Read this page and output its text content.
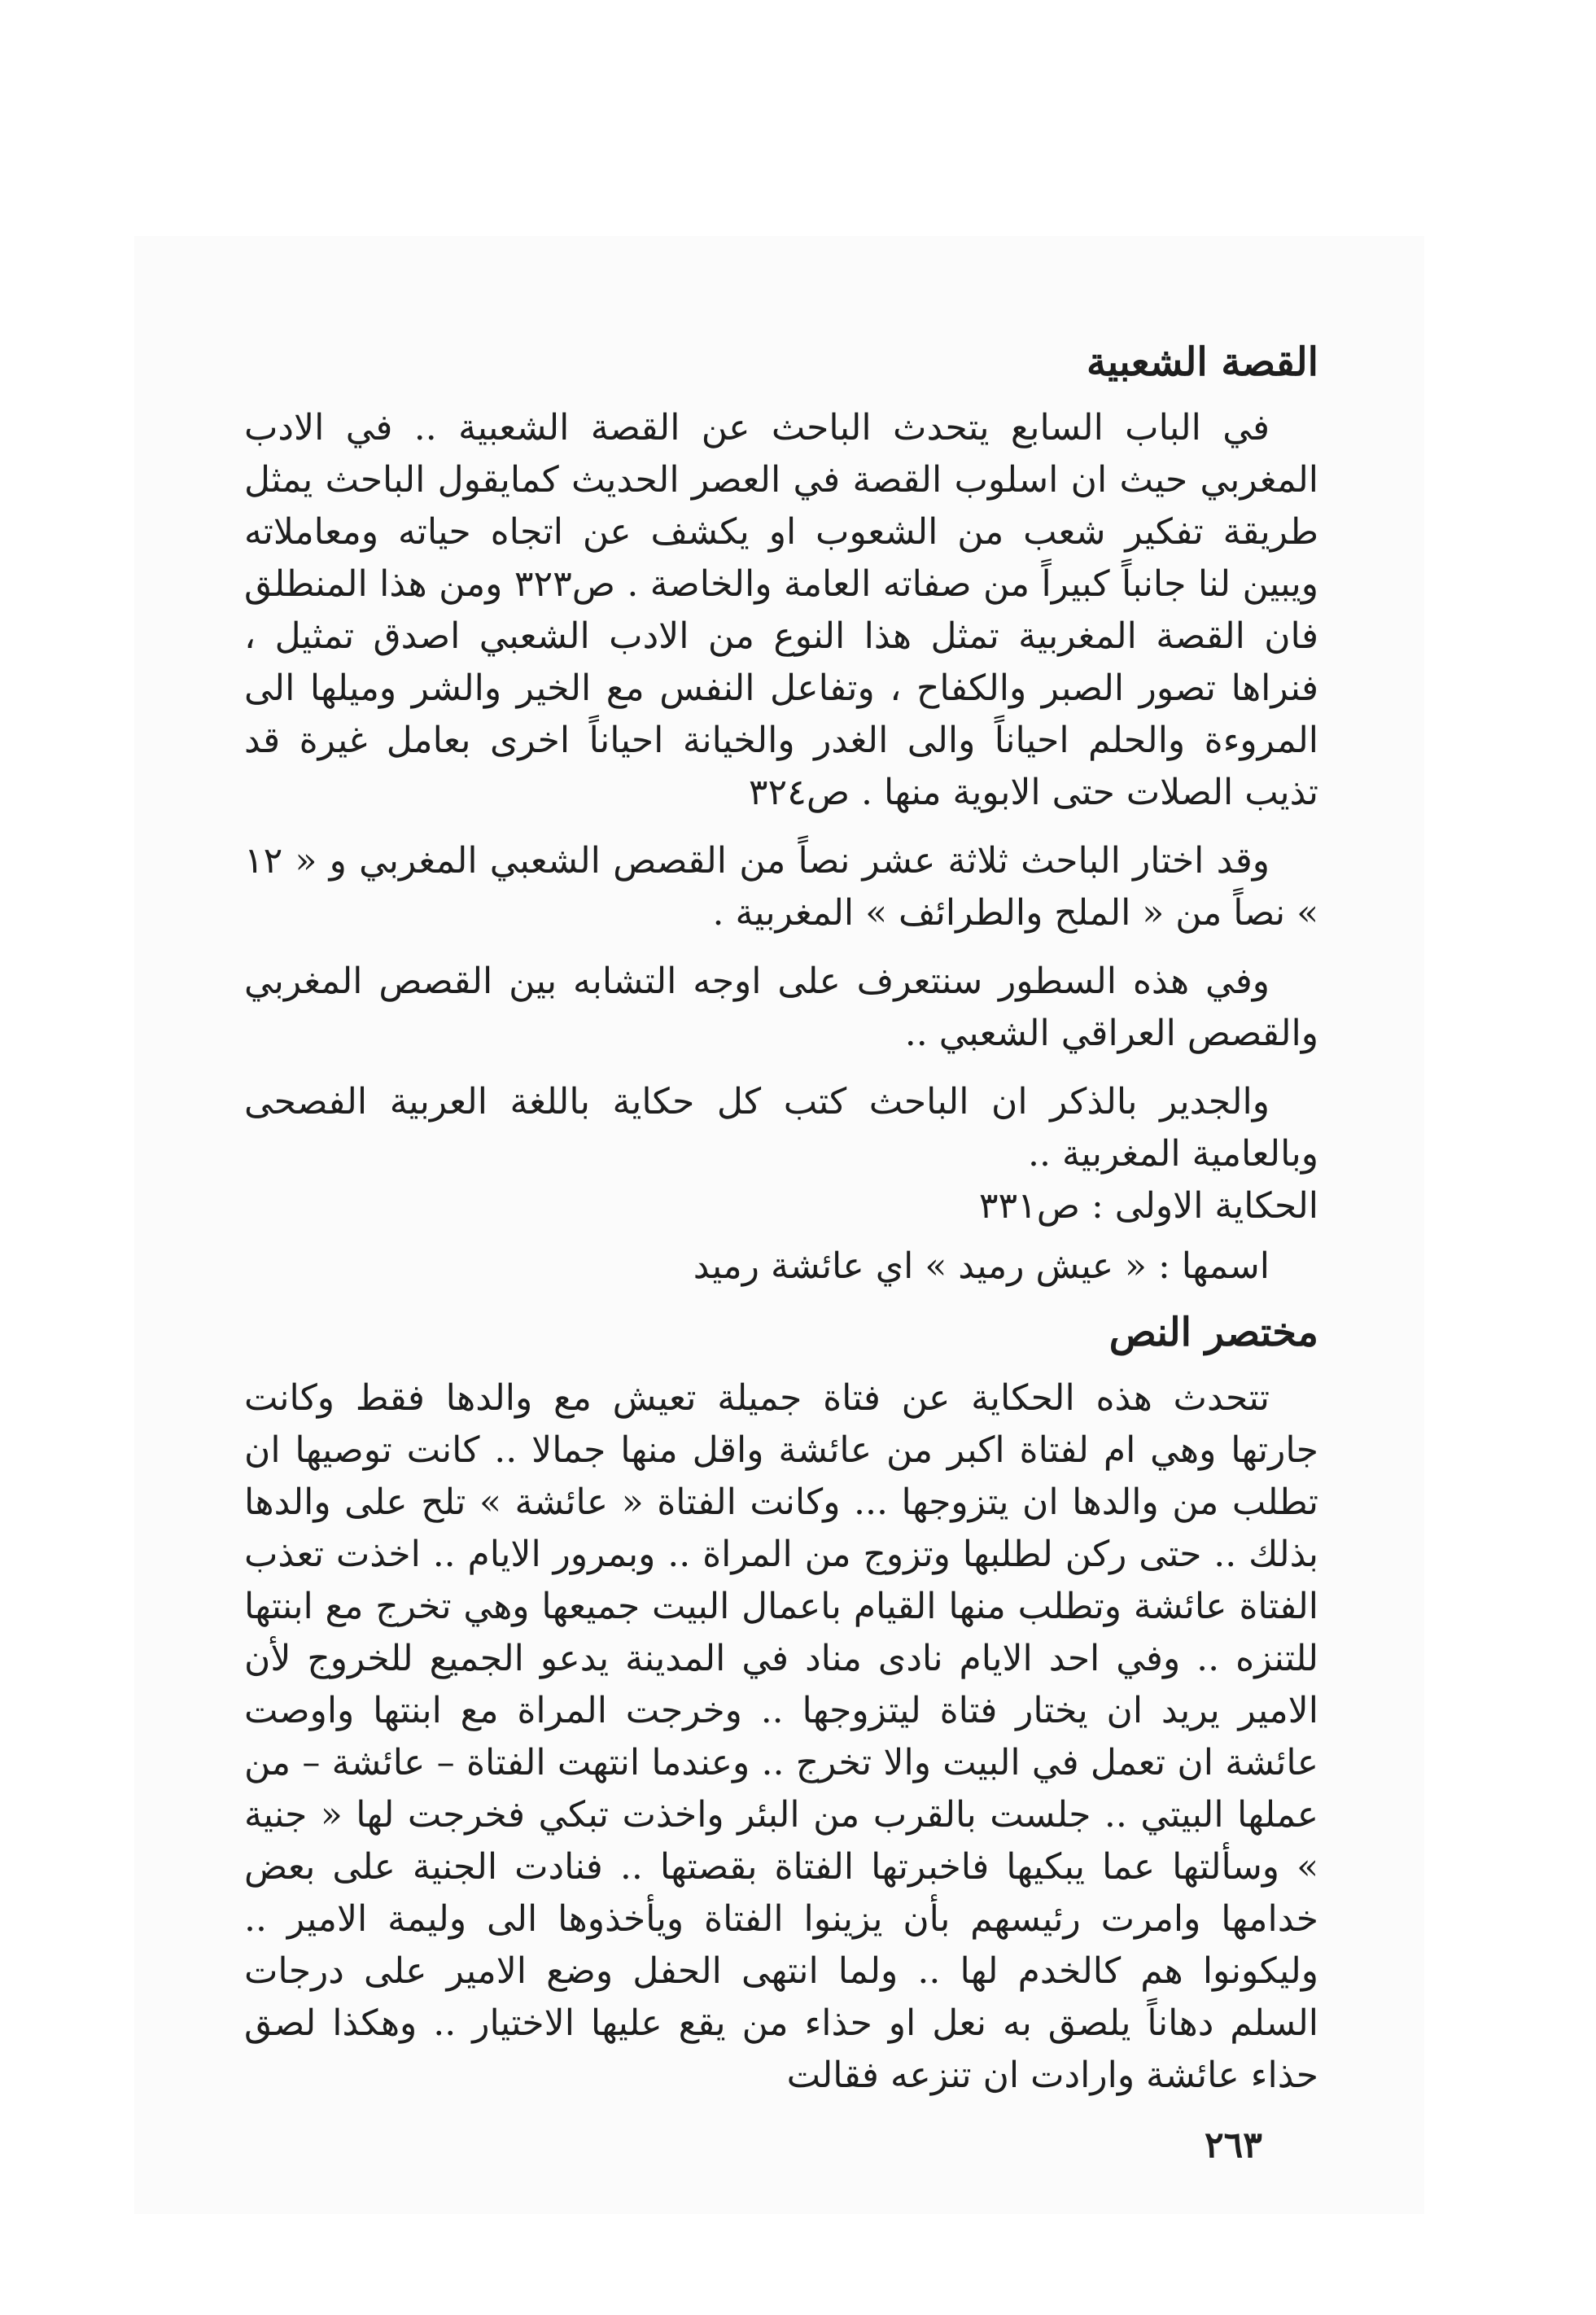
القصة الشعبية

في الباب السابع يتحدث الباحث عن القصة الشعبية .. في الادب المغربي حيث ان اسلوب القصة في العصر الحديث كمايقول الباحث يمثل طريقة تفكير شعب من الشعوب او يكشف عن اتجاه حياته ومعاملاته ويبين لنا جانباً كبيراً من صفاته العامة والخاصة . ص٣٢٣ ومن هذا المنطلق فان القصة المغربية تمثل هذا النوع من الادب الشعبي اصدق تمثيل ، فنراها تصور الصبر والكفاح ، وتفاعل النفس مع الخير والشر وميلها الى المروءة والحلم احياناً والى الغدر والخيانة احياناً اخرى بعامل غيرة قد تذيب الصلات حتى الابوية منها . ص٣٢٤

وقد اختار الباحث ثلاثة عشر نصاً من القصص الشعبي المغربي و « ١٢ » نصاً من « الملح والطرائف » المغربية .

وفي هذه السطور سنتعرف على اوجه التشابه بين القصص المغربي والقصص العراقي الشعبي ..

والجدير بالذكر ان الباحث كتب كل حكاية باللغة العربية الفصحى وبالعامية المغربية ..

الحكاية الاولى : ص٣٣١

اسمها : « عيش رميد » اي عائشة رميد

مختصر النص

تتحدث هذه الحكاية عن فتاة جميلة تعيش مع والدها فقط وكانت جارتها وهي ام لفتاة اكبر من عائشة واقل منها جمالا .. كانت توصيها ان تطلب من والدها ان يتزوجها ... وكانت الفتاة « عائشة » تلح على والدها بذلك .. حتى ركن لطلبها وتزوج من المراة .. وبمرور الايام .. اخذت تعذب الفتاة عائشة وتطلب منها القيام باعمال البيت جميعها وهي تخرج مع ابنتها للتنزه .. وفي احد الايام نادى مناد في المدينة يدعو الجميع للخروج لأن الامير يريد ان يختار فتاة ليتزوجها .. وخرجت المراة مع ابنتها واوصت عائشة ان تعمل في البيت والا تخرج .. وعندما انتهت الفتاة – عائشة – من عملها البيتي .. جلست بالقرب من البئر واخذت تبكي فخرجت لها « جنية » وسألتها عما يبكيها فاخبرتها الفتاة بقصتها .. فنادت الجنية على بعض خدامها وامرت رئيسهم بأن يزينوا الفتاة ويأخذوها الى وليمة الامير .. وليكونوا هم كالخدم لها .. ولما انتهى الحفل وضع الامير على درجات السلم دهاناً يلصق به نعل او حذاء من يقع عليها الاختيار .. وهكذا لصق حذاء عائشة وارادت ان تنزعه فقالت

٢٦٣
